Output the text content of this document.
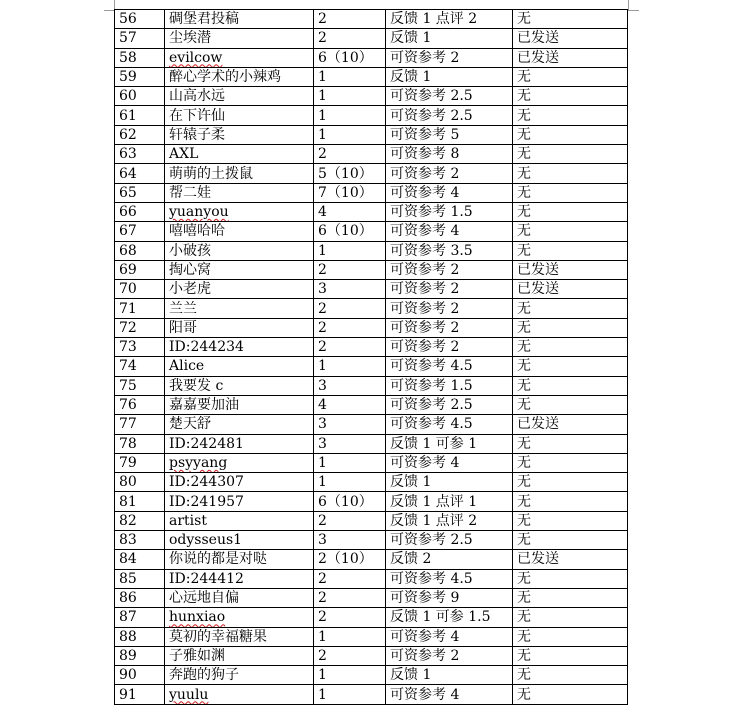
56	碉堡君投稿	2	反馈 1 点评 2	无
57	尘埃潜	2	反馈 1	已发送
58	evilcow	6（10）	可资参考 2	已发送
59	醉心学术的小辣鸡	1	反馈 1	无
60	山高水远	1	可资参考 2.5	无
61	在下许仙	1	可资参考 2.5	无
62	轩辕子柔	1	可资参考 5	无
63	AXL	2	可资参考 8	无
64	萌萌的土拨鼠	5（10）	可资参考 2	无
65	帮二娃	7（10）	可资参考 4	无
66	yuanyou	4	可资参考 1.5	无
67	嘻嘻哈哈	6（10）	可资参考 4	无
68	小破孩	1	可资参考 3.5	无
69	掏心窝	2	可资参考 2	已发送
70	小老虎	3	可资参考 2	已发送
71	兰兰	2	可资参考 2	无
72	阳哥	2	可资参考 2	无
73	ID:244234	2	可资参考 2	无
74	Alice	1	可资参考 4.5	无
75	我要发 c	3	可资参考 1.5	无
76	嘉嘉要加油	4	可资参考 2.5	无
77	楚天舒	3	可资参考 4.5	已发送
78	ID:242481	3	反馈 1 可参 1	无
79	psyyang	1	可资参考 4	无
80	ID:244307	1	反馈 1	无
81	ID:241957	6（10）	反馈 1 点评 1	无
82	artist	2	反馈 1 点评 2	无
83	odysseus1	3	可资参考 2.5	无
84	你说的都是对哒	2（10）	反馈 2	已发送
85	ID:244412	2	可资参考 4.5	无
86	心远地自偏	2	可资参考 9	无
87	hunxiao	2	反馈 1 可参 1.5	无
88	莫初的幸福糖果	1	可资参考 4	无
89	子雅如渊	2	可资参考 2	无
90	奔跑的狗子	1	反馈 1	无
91	yuulu	1	可资参考 4	无
